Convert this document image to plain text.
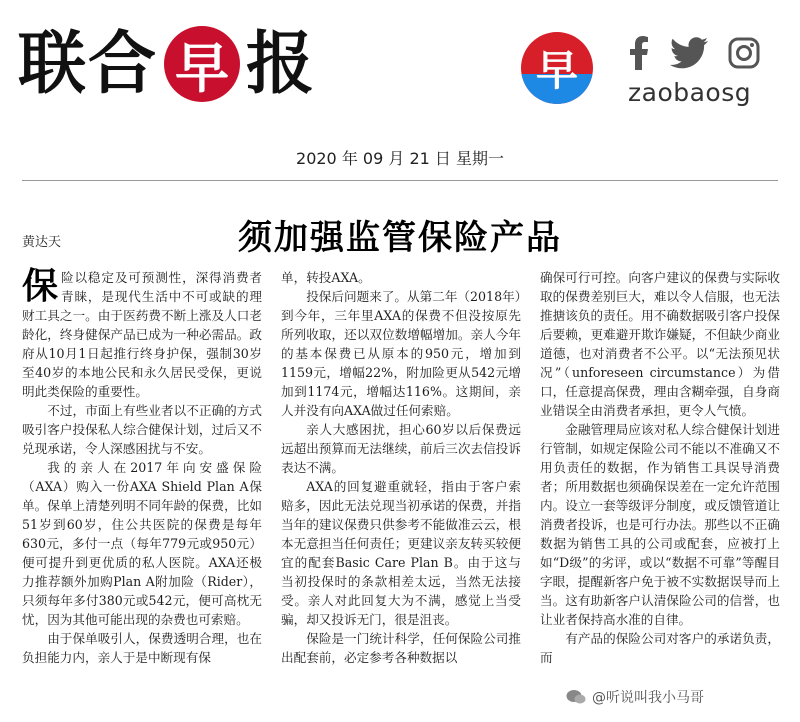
联 合 早 报	早	zaobaosg
2020 年 09 月 21 日 星期一
黄达天	须加强监管保险产品

保险以稳定及可预测性，深得消费者青睐，是现代生活中不可或缺的理财工具之一。由于医药费不断上涨及人口老龄化，终身健保产品已成为一种必需品。政府从10月1日起推行终身护保，强制30岁至40岁的本地公民和永久居民受保，更说明此类保险的重要性。

不过，市面上有些业者以不正确的方式吸引客户投保私人综合健保计划，过后又不兑现承诺，令人深感困扰与不安。

我的亲人在2017年向安盛保险（AXA）购入一份AXA Shield Plan A保单。保单上清楚列明不同年龄的保费，比如51岁到60岁，住公共医院的保费是每年630元，多付一点（每年779元或950元）便可提升到更优质的私人医院。AXA还极力推荐额外加购Plan A附加险（Rider），只须每年多付380元或542元，便可高枕无忧，因为其他可能出现的杂费也可索赔。

由于保单吸引人，保费透明合理，也在负担能力内，亲人于是中断现有保

单，转投AXA。

投保后问题来了。从第二年（2018年）到今年，三年里AXA的保费不但没按原先所列收取，还以双位数增幅增加。亲人今年的基本保费已从原本的950元，增加到1159元，增幅22%，附加险更从542元增加到1174元，增幅达116%。这期间，亲人并没有向AXA做过任何索赔。

亲人大感困扰，担心60岁以后保费远远超出预算而无法继续，前后三次去信投诉表达不满。

AXA的回复避重就轻，指由于客户索赔多，因此无法兑现当初承诺的保费，并指当年的建议保费只供参考不能做准云云，根本无意担当任何责任；更建议亲友转买较便宜的配套Basic Care Plan B。由于这与当初投保时的条款相差太远，当然无法接受。亲人对此回复大为不满，感觉上当受骗，却又投诉无门，很是沮丧。

保险是一门统计科学，任何保险公司推出配套前，必定参考各种数据以

确保可行可控。向客户建议的保费与实际收取的保费差别巨大，难以令人信服，也无法推搪该负的责任。用不确数据吸引客户投保后要赖，更难避开欺诈嫌疑，不但缺少商业道德，也对消费者不公平。以“无法预见状况”（unforeseen circumstance）为借口，任意提高保费，理由含糊牵强，自身商业错误全由消费者承担，更令人气愤。

金融管理局应该对私人综合健保计划进行管制，如规定保险公司不能以不准确又不用负责任的数据，作为销售工具误导消费者；所用数据也须确保误差在一定允许范围内。设立一套等级评分制度，或反馈管道让消费者投诉，也是可行办法。那些以不正确数据为销售工具的公司或配套，应被打上如“D级”的劣评，或以“数据不可靠”等醒目字眼，提醒新客户免于被不实数据误导而上当。这有助新客户认清保险公司的信誉，也让业者保持高水准的自律。

有产品的保险公司对客户的承诺负责，而

@听说叫我小马哥
